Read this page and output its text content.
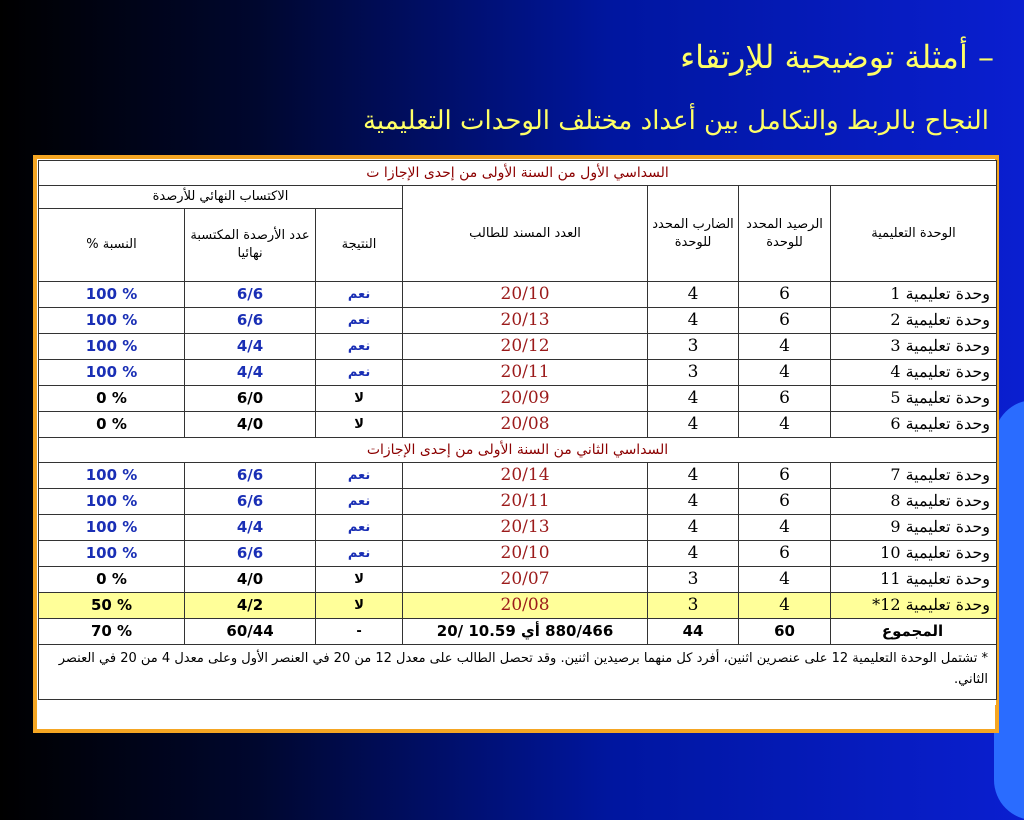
– أمثلة توضيحية للإرتقاء
النجاح بالربط والتكامل بين أعداد مختلف الوحدات التعليمية
السداسي الأول من السنة الأولى من إحدى الإجازا ت						
الوحدة التعليمية	الرصيد المحدد للوحدة	الضارب المحدد للوحدة	العدد المسند للطالب	الاكتساب النهائي للأرصدة		
				النتيجة	عدد الأرصدة المكتسبة نهائيا	النسبة %
وحدة تعليمية 1	6	4	20/10	نعم	6/6	% 100
وحدة تعليمية 2	6	4	20/13	نعم	6/6	% 100
وحدة تعليمية 3	4	3	20/12	نعم	4/4	% 100
وحدة تعليمية 4	4	3	20/11	نعم	4/4	% 100
وحدة تعليمية 5	6	4	20/09	لا	6/0	% 0
وحدة تعليمية 6	4	4	20/08	لا	4/0	% 0
السداسي الثاني من السنة الأولى من إحدى الإجازات						
وحدة تعليمية 7	6	4	20/14	نعم	6/6	% 100
وحدة تعليمية 8	6	4	20/11	نعم	6/6	% 100
وحدة تعليمية 9	4	4	20/13	نعم	4/4	% 100
وحدة تعليمية 10	6	4	20/10	نعم	6/6	% 100
وحدة تعليمية 11	4	3	20/07	لا	4/0	% 0
وحدة تعليمية 12*	4	3	20/08	لا	4/2	% 50
المجموع	60	44	880/466 أي 10.59 /20	-	60/44	% 70
* تشتمل الوحدة التعليمية 12 على عنصرين اثنين، أفرد كل منهما برصيدين اثنين. وقد تحصل الطالب على معدل 12 من 20 في العنصر الأول وعلى معدل 4 من 20 في العنصر الثاني.						
